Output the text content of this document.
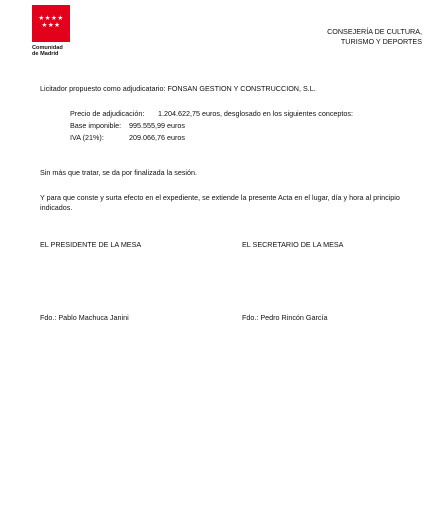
★★★★
★★★
Comunidad
de Madrid
CONSEJERÍA DE CULTURA,
TURISMO Y DEPORTES
Licitador propuesto como adjudicatario: FONSAN GESTION Y CONSTRUCCION, S.L.
Precio de adjudicación: 1.204.622,75 euros, desglosado en los siguientes conceptos:
Base imponible: 995.555,99 euros
IVA (21%):	209.066,76 euros
Sin más que tratar, se da por finalizada la sesión.
Y para que conste y surta efecto en el expediente, se extiende la presente Acta en el lugar, día y hora al principio indicados.
EL PRESIDENTE DE LA MESA	EL SECRETARIO DE LA MESA
Fdo.: Pablo Machuca Janini	Fdo.: Pedro Rincón García
